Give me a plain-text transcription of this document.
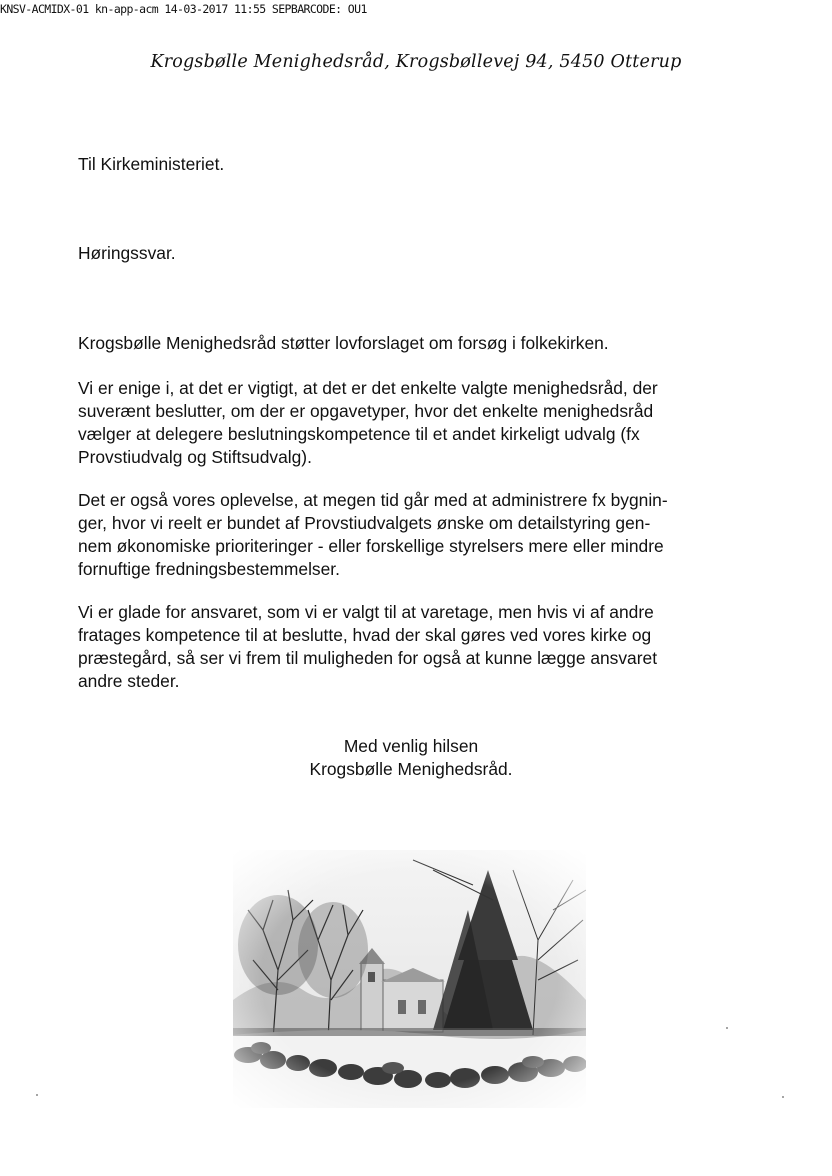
KNSV-ACMIDX-01 kn-app-acm 14-03-2017 11:55 SEPBARCODE: OU1
Krogsbølle Menighedsråd, Krogsbøllevej 94, 5450 Otterup

Til Kirkeministeriet.

Høringssvar.

Krogsbølle Menighedsråd støtter lovforslaget om forsøg i folkekirken.

Vi er enige i, at det er vigtigt, at det er det enkelte valgte menighedsråd, der
suverænt beslutter, om der er opgavetyper, hvor det enkelte menighedsråd
vælger at delegere beslutningskompetence til et andet kirkeligt udvalg (fx
Provstiudvalg og Stiftsudvalg).

Det er også vores oplevelse, at megen tid går med at administrere fx bygnin-
ger, hvor vi reelt er bundet af Provstiudvalgets ønske om detailstyring gen-
nem økonomiske prioriteringer - eller forskellige styrelsers mere eller mindre
fornuftige fredningsbestemmelser.

Vi er glade for ansvaret, som vi er valgt til at varetage, men hvis vi af andre
fratages kompetence til at beslutte, hvad der skal gøres ved vores kirke og
præstegård, så ser vi frem til muligheden for også at kunne lægge ansvaret
andre steder.

Med venlig hilsen
Krogsbølle Menighedsråd.
